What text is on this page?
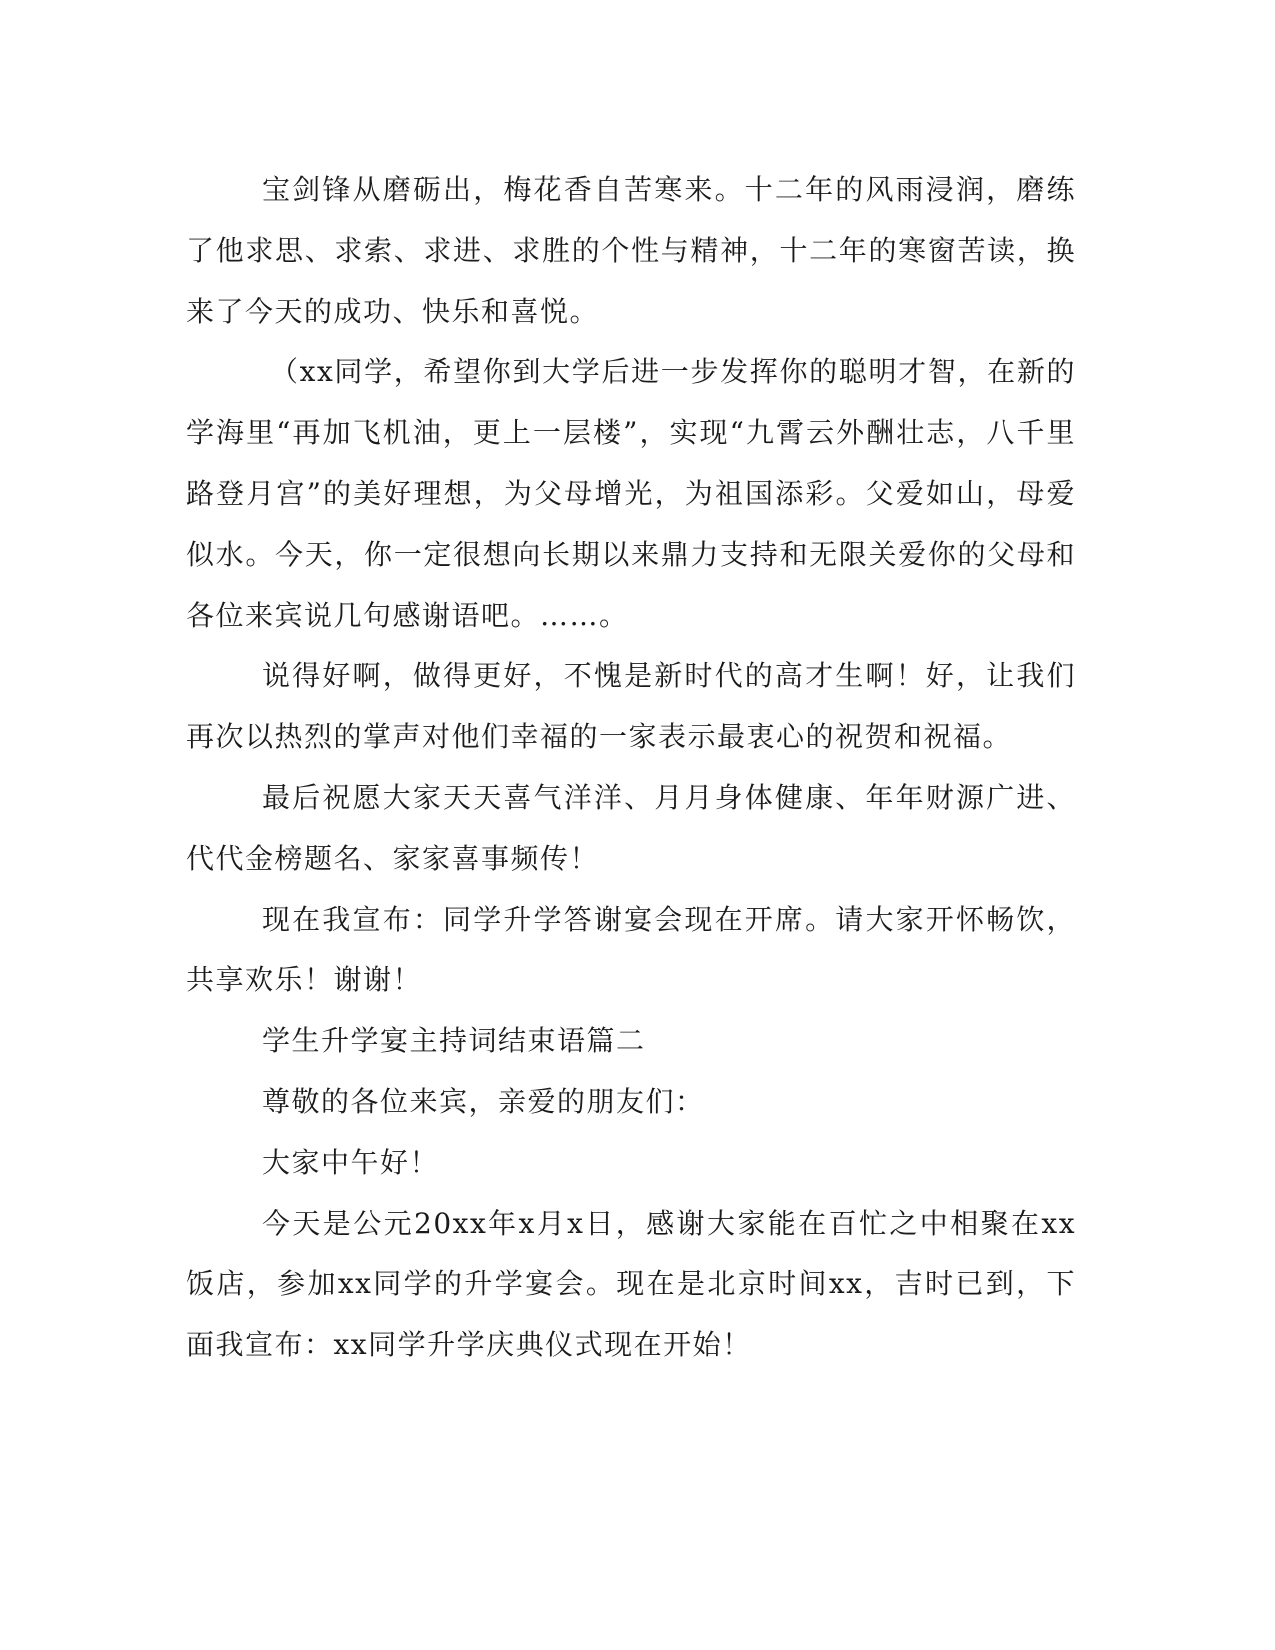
宝剑锋从磨砺出，梅花香自苦寒来。十二年的风雨浸润，磨练了他求思、求索、求进、求胜的个性与精神，十二年的寒窗苦读，换来了今天的成功、快乐和喜悦。

（xx同学，希望你到大学后进一步发挥你的聪明才智，在新的学海里“再加飞机油，更上一层楼”，实现“九霄云外酬壮志，八千里路登月宫”的美好理想，为父母增光，为祖国添彩。父爱如山，母爱似水。今天，你一定很想向长期以来鼎力支持和无限关爱你的父母和各位来宾说几句感谢语吧。……。

说得好啊，做得更好，不愧是新时代的高才生啊！好，让我们再次以热烈的掌声对他们幸福的一家表示最衷心的祝贺和祝福。

最后祝愿大家天天喜气洋洋、月月身体健康、年年财源广进、代代金榜题名、家家喜事频传！

现在我宣布：同学升学答谢宴会现在开席。请大家开怀畅饮，共享欢乐！谢谢！

学生升学宴主持词结束语篇二

尊敬的各位来宾，亲爱的朋友们：

大家中午好！

今天是公元20xx年x月x日，感谢大家能在百忙之中相聚在xx饭店，参加xx同学的升学宴会。现在是北京时间xx，吉时已到，下面我宣布：xx同学升学庆典仪式现在开始！
